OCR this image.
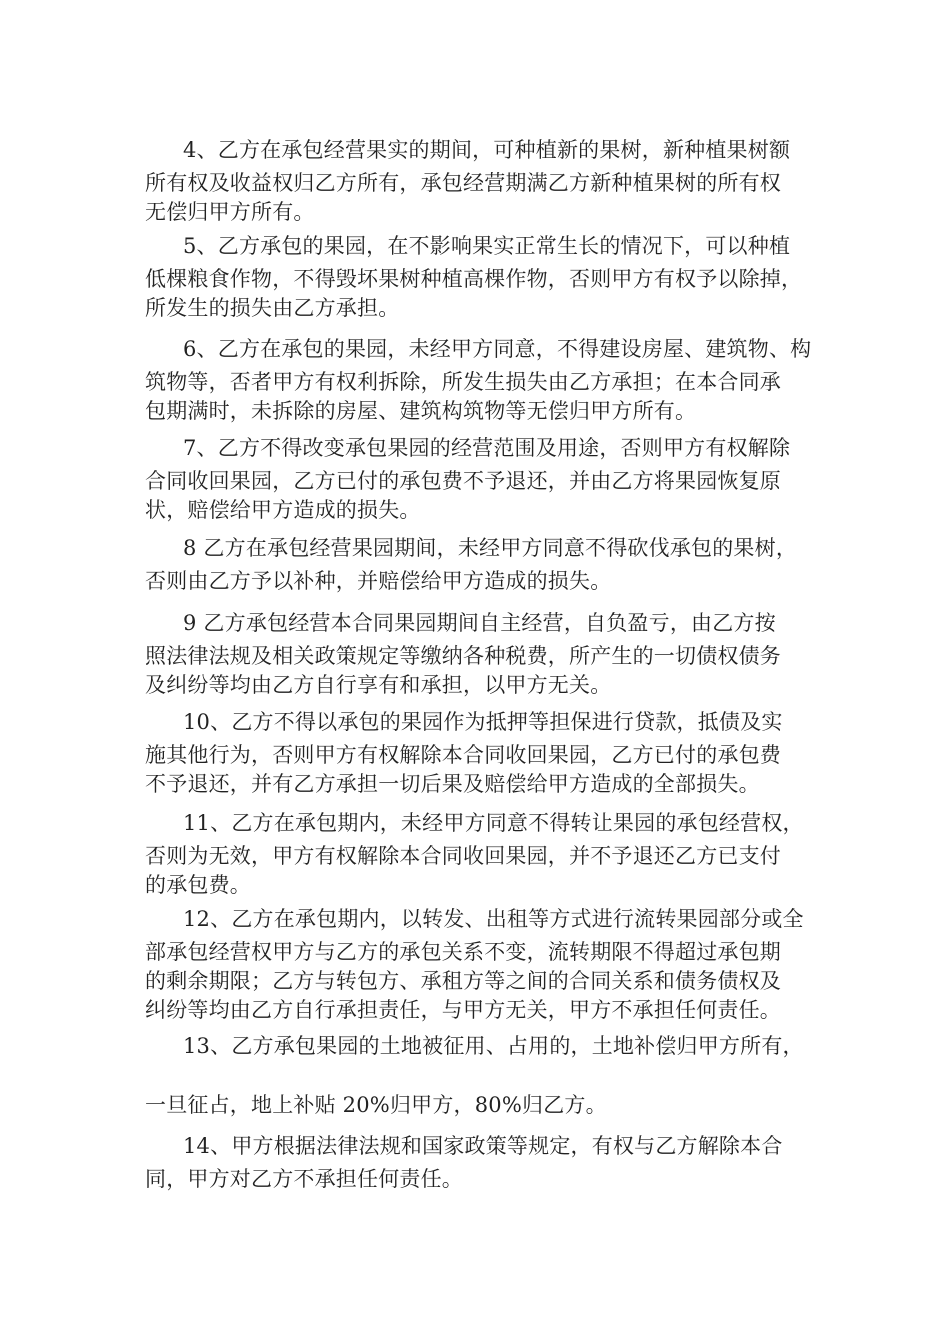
4、乙方在承包经营果实的期间，可种植新的果树，新种植果树额
所有权及收益权归乙方所有，承包经营期满乙方新种植果树的所有权
无偿归甲方所有。
5、乙方承包的果园，在不影响果实正常生长的情况下，可以种植
低棵粮食作物，不得毁坏果树种植高棵作物，否则甲方有权予以除掉，
所发生的损失由乙方承担。
6、乙方在承包的果园，未经甲方同意，不得建设房屋、建筑物、构
筑物等，否者甲方有权利拆除，所发生损失由乙方承担；在本合同承
包期满时，未拆除的房屋、建筑构筑物等无偿归甲方所有。
7、乙方不得改变承包果园的经营范围及用途，否则甲方有权解除
合同收回果园，乙方已付的承包费不予退还，并由乙方将果园恢复原
状，赔偿给甲方造成的损失。
8 乙方在承包经营果园期间，未经甲方同意不得砍伐承包的果树，
否则由乙方予以补种，并赔偿给甲方造成的损失。
9 乙方承包经营本合同果园期间自主经营，自负盈亏，由乙方按
照法律法规及相关政策规定等缴纳各种税费，所产生的一切债权债务
及纠纷等均由乙方自行享有和承担，以甲方无关。
10、乙方不得以承包的果园作为抵押等担保进行贷款，抵债及实
施其他行为，否则甲方有权解除本合同收回果园，乙方已付的承包费
不予退还，并有乙方承担一切后果及赔偿给甲方造成的全部损失。
11、乙方在承包期内，未经甲方同意不得转让果园的承包经营权，
否则为无效，甲方有权解除本合同收回果园，并不予退还乙方已支付
的承包费。
12、乙方在承包期内，以转发、出租等方式进行流转果园部分或全
部承包经营权甲方与乙方的承包关系不变，流转期限不得超过承包期
的剩余期限；乙方与转包方、承租方等之间的合同关系和债务债权及
纠纷等均由乙方自行承担责任，与甲方无关，甲方不承担任何责任。
13、乙方承包果园的土地被征用、占用的，土地补偿归甲方所有，
一旦征占，地上补贴 20%归甲方，80%归乙方。
14、甲方根据法律法规和国家政策等规定，有权与乙方解除本合
同，甲方对乙方不承担任何责任。
